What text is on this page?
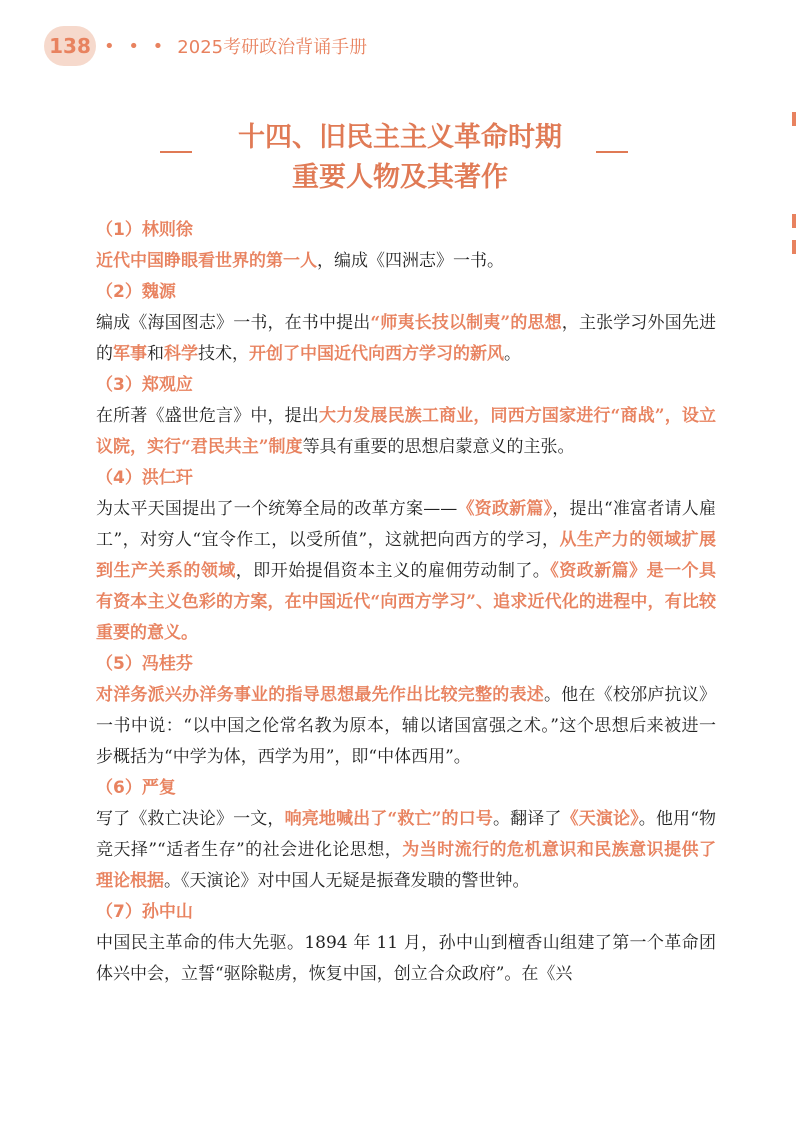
138 • • • 2025考研政治背诵手册
十四、旧民主主义革命时期
重要人物及其著作
（1）林则徐
近代中国睁眼看世界的第一人，编成《四洲志》一书。
（2）魏源
编成《海国图志》一书，在书中提出“师夷长技以制夷”的思想，主张学习外国先进的军事和科学技术，开创了中国近代向西方学习的新风。
（3）郑观应
在所著《盛世危言》中，提出大力发展民族工商业，同西方国家进行“商战”，设立议院，实行“君民共主”制度等具有重要的思想启蒙意义的主张。
（4）洪仁玕
为太平天国提出了一个统筹全局的改革方案——《资政新篇》，提出“准富者请人雇工”，对穷人“宜令作工，以受所值”，这就把向西方的学习，从生产力的领域扩展到生产关系的领域，即开始提倡资本主义的雇佣劳动制了。《资政新篇》是一个具有资本主义色彩的方案，在中国近代“向西方学习”、追求近代化的进程中，有比较重要的意义。
（5）冯桂芬
对洋务派兴办洋务事业的指导思想最先作出比较完整的表述。他在《校邠庐抗议》一书中说：“以中国之伦常名教为原本，辅以诸国富强之术。”这个思想后来被进一步概括为“中学为体，西学为用”，即“中体西用”。
（6）严复
写了《救亡决论》一文，响亮地喊出了“救亡”的口号。翻译了《天演论》。他用“物竞天择”“适者生存”的社会进化论思想，为当时流行的危机意识和民族意识提供了理论根据。《天演论》对中国人无疑是振聋发聩的警世钟。
（7）孙中山
中国民主革命的伟大先驱。1894 年 11 月，孙中山到檀香山组建了第一个革命团体兴中会，立誓“驱除鞑虏，恢复中国，创立合众政府”。在《兴
